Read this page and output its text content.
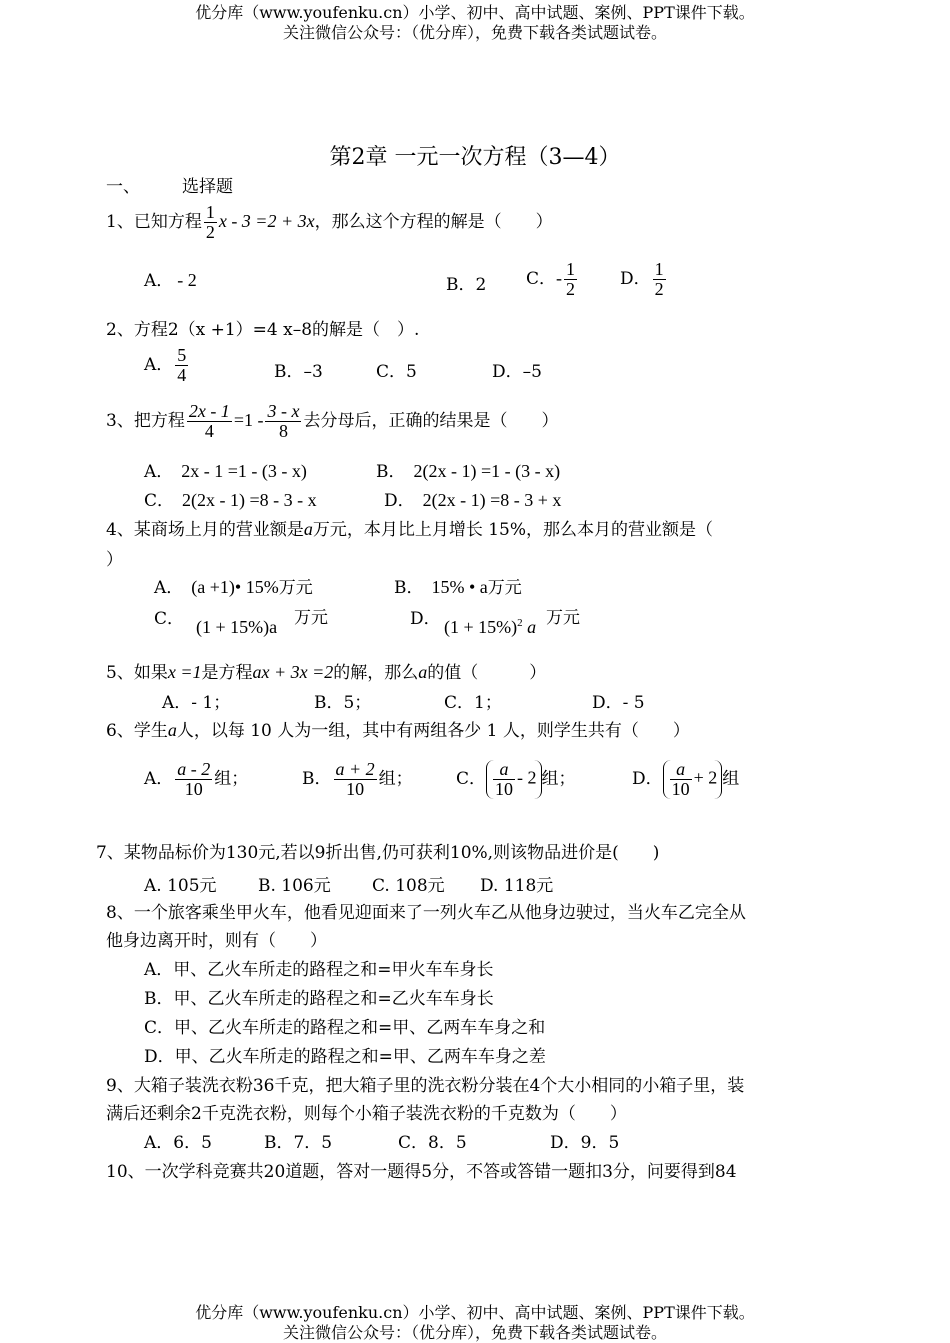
优分库（www.youfenku.cn）小学、初中、高中试题、案例、PPT课件下载。
关注微信公众号：（优分库），免费下载各类试题试卷。
第2章 一元一次方程（3—4）
一、 选择题
1、已知方程 $\frac{1}{2}$ x - 3 =2 + 3x，那么这个方程的解是（　　）
A． - 2	B．2 C．- $\frac{1}{2}$	D． $\frac{1}{2}$
2、方程2（x +1）=4 x–8的解是（　）.
A． $\frac{5}{4}$	B．–3	C．5	D．–5
3、把方程 $\frac{2x - 1}{4} =1 - \frac{3 - x}{8}$ 去分母后，正确的结果是（　　）
A． 2x - 1 =1 - (3 - x)	B． 2(2x - 1) =1 - (3 - x)
C． 2(2x - 1) =8 - 3 - x	D． 2(2x - 1) =8 - 3 + x
4、某商场上月的营业额是a万元，本月比上月增长 15%，那么本月的营业额是（
）
A． (a +1)• 15%万元	B． 15% • a万元
C． (1 + 15%)a 万元	D． $(1 + 15\%)^2$ a 万元
5、如果x =1是方程ax + 3x =2的解，那么a的值（　　　）
A．- 1；	B．5；	C．1；	D．- 5
6、学生a人，以每 10 人为一组，其中有两组各少 1 人，则学生共有（　　）
A． $\frac{a - 2}{10}$ 组；	B． $\frac{a + 2}{10}$ 组；	C． $\frac{a}{10} - 2$ 组；	D． $\frac{a}{10} + 2$ 组
7、某物品标价为130元,若以9折出售,仍可获利10%,则该物品进价是(　　)
A. 105元 B. 106元 C. 108元 D. 118元
8、一个旅客乘坐甲火车，他看见迎面来了一列火车乙从他身边驶过，当火车乙完全从
他身边离开时，则有（　　）
A．甲、乙火车所走的路程之和=甲火车车身长
B．甲、乙火车所走的路程之和=乙火车车身长
C．甲、乙火车所走的路程之和=甲、乙两车车身之和
D．甲、乙火车所走的路程之和=甲、乙两车车身之差
9、大箱子装洗衣粉36千克，把大箱子里的洗衣粉分装在4个大小相同的小箱子里，装
满后还剩余2千克洗衣粉，则每个小箱子装洗衣粉的千克数为（　　）
A．6．5	B．7．5	C．8．5	D．9．5
10、一次学科竞赛共20道题，答对一题得5分，不答或答错一题扣3分，问要得到84
优分库（www.youfenku.cn）小学、初中、高中试题、案例、PPT课件下载。
关注微信公众号：（优分库），免费下载各类试题试卷。
